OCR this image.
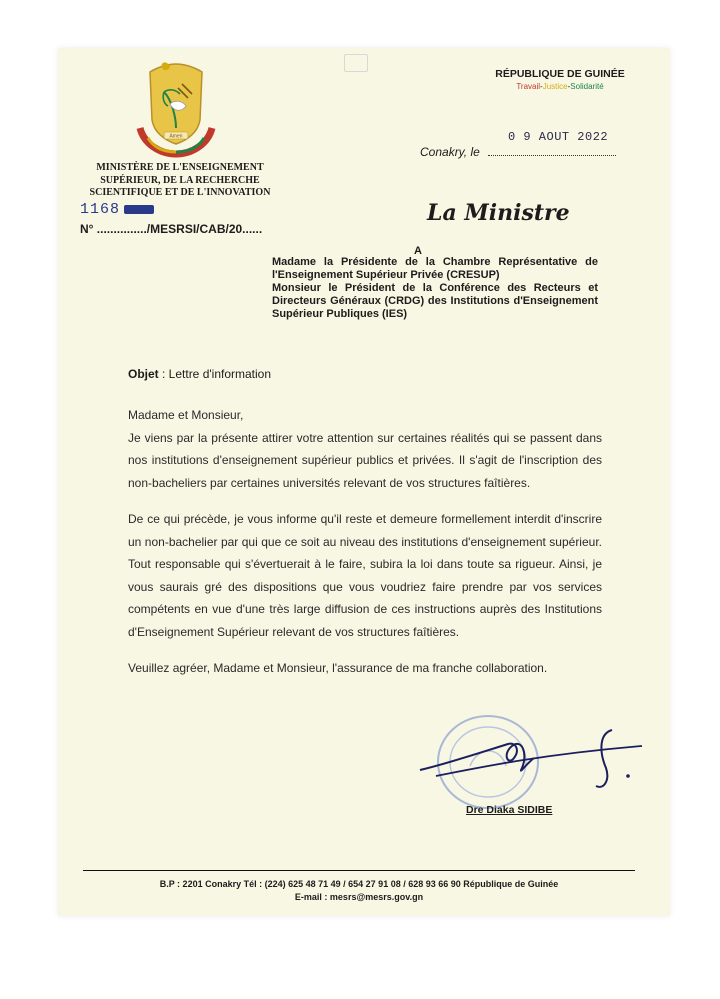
Amen
MINISTÈRE DE L'ENSEIGNEMENT
SUPÉRIEUR, DE LA RECHERCHE
SCIENTIFIQUE ET DE L'INNOVATION
1168
N° .............../MESRSI/CAB/20......
RÉPUBLIQUE DE GUINÉE
Travail-Justice-Solidarité
0 9 AOUT 2022
Conakry, le
La Ministre
A

Madame la Présidente de la Chambre Représentative de l'Enseignement Supérieur Privée (CRESUP)

Monsieur le Président de la Conférence des Recteurs et Directeurs Généraux (CRDG) des Institutions d'Enseignement Supérieur Publiques (IES)

Objet : Lettre d'information

Madame et Monsieur,

Je viens par la présente attirer votre attention sur certaines réalités qui se passent dans nos institutions d'enseignement supérieur publics et privées. Il s'agit de l'inscription des non-bacheliers par certaines universités relevant de vos structures faîtières.

De ce qui précède, je vous informe qu'il reste et demeure formellement interdit d'inscrire un non-bachelier par qui que ce soit au niveau des institutions d'enseignement supérieur. Tout responsable qui s'évertuerait à le faire, subira la loi dans toute sa rigueur. Ainsi, je vous saurais gré des dispositions que vous voudriez faire prendre par vos services compétents en vue d'une très large diffusion de ces instructions auprès des Institutions d'Enseignement Supérieur relevant de vos structures faîtières.

Veuillez agréer, Madame et Monsieur, l'assurance de ma franche collaboration.

Dre Diaka SIDIBE
B.P : 2201 Conakry Tél : (224) 625 48 71 49 / 654 27 91 08 / 628 93 66 90 République de Guinée
E-mail : mesrs@mesrs.gov.gn
